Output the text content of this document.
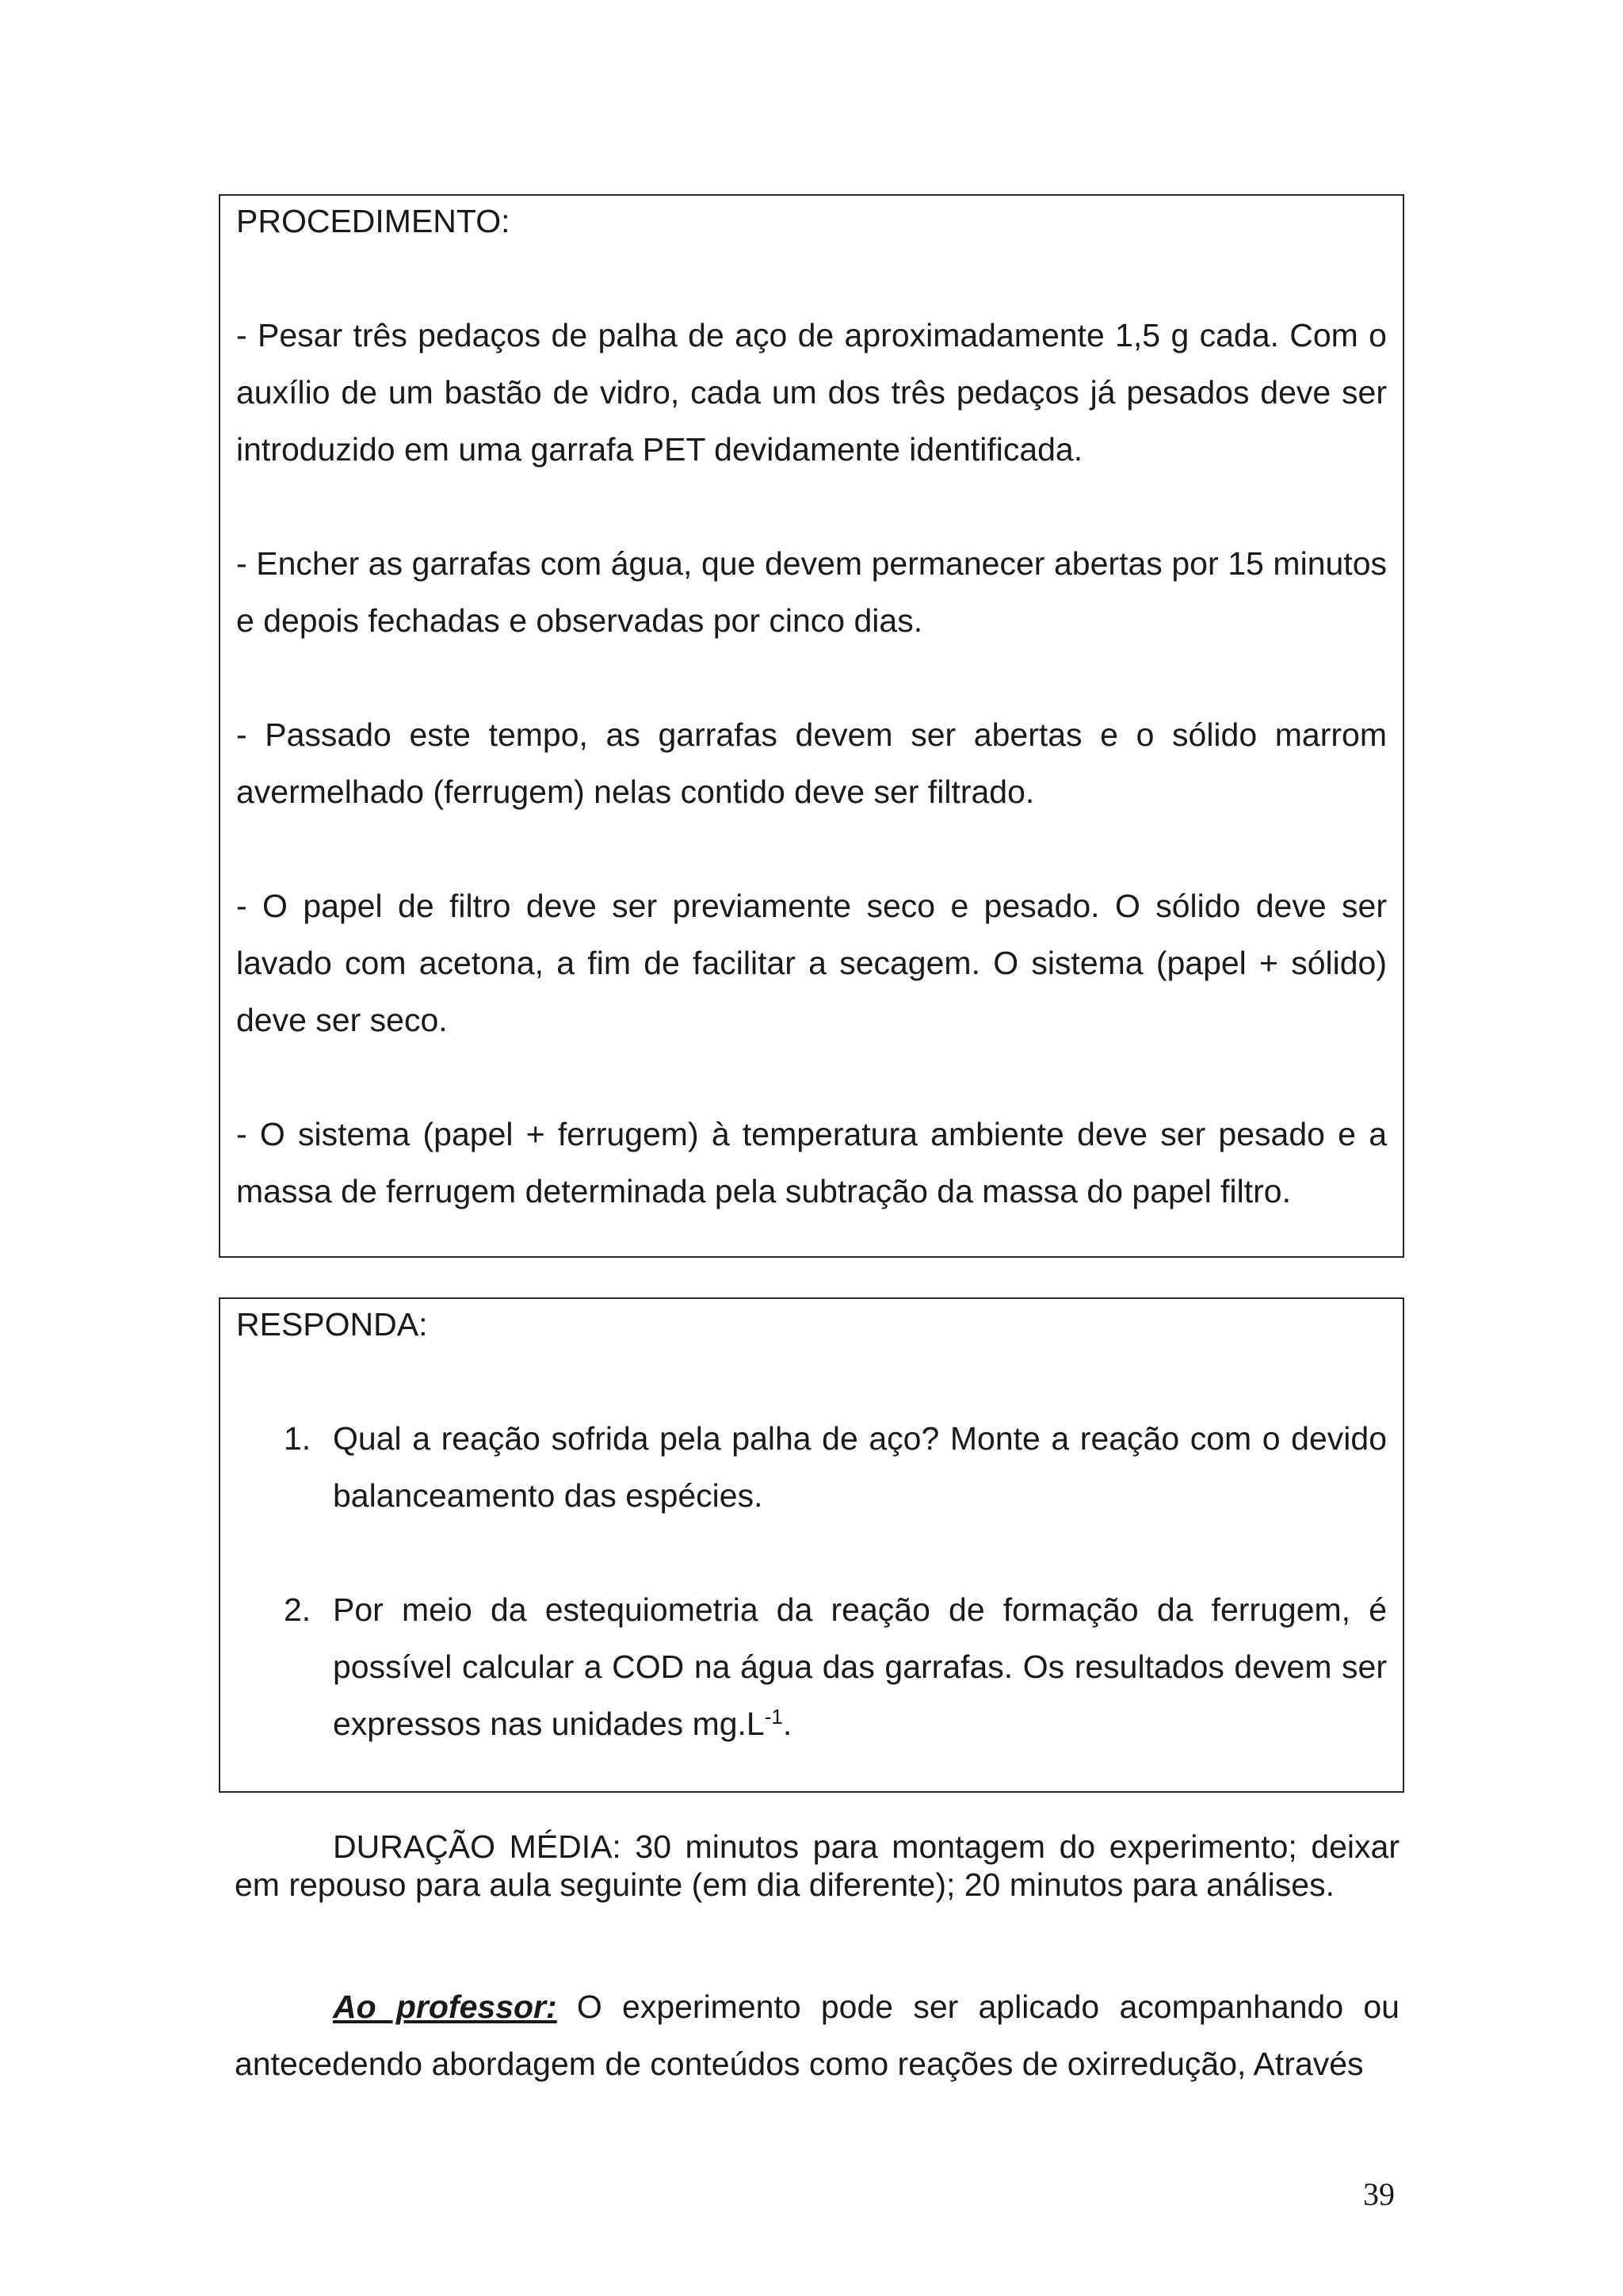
PROCEDIMENTO:

- Pesar três pedaços de palha de aço de aproximadamente 1,5 g cada. Com o auxílio de um bastão de vidro, cada um dos três pedaços já pesados deve ser introduzido em uma garrafa PET devidamente identificada.

- Encher as garrafas com água, que devem permanecer abertas por 15 minutos e depois fechadas e observadas por cinco dias.

- Passado este tempo, as garrafas devem ser abertas e o sólido marrom avermelhado (ferrugem) nelas contido deve ser filtrado.

- O papel de filtro deve ser previamente seco e pesado. O sólido deve ser lavado com acetona, a fim de facilitar a secagem. O sistema (papel + sólido) deve ser seco.

- O sistema (papel + ferrugem) à temperatura ambiente deve ser pesado e a massa de ferrugem determinada pela subtração da massa do papel filtro.

RESPONDA:

1. Qual a reação sofrida pela palha de aço? Monte a reação com o devido balanceamento das espécies.
2. Por meio da estequiometria da reação de formação da ferrugem, é possível calcular a COD na água das garrafas. Os resultados devem ser expressos nas unidades $mg.L^{-1}$.

DURAÇÃO MÉDIA: 30 minutos para montagem do experimento; deixar em repouso para aula seguinte (em dia diferente); 20 minutos para análises.

Ao professor: O experimento pode ser aplicado acompanhando ou antecedendo abordagem de conteúdos como reações de oxirredução, Através

39
